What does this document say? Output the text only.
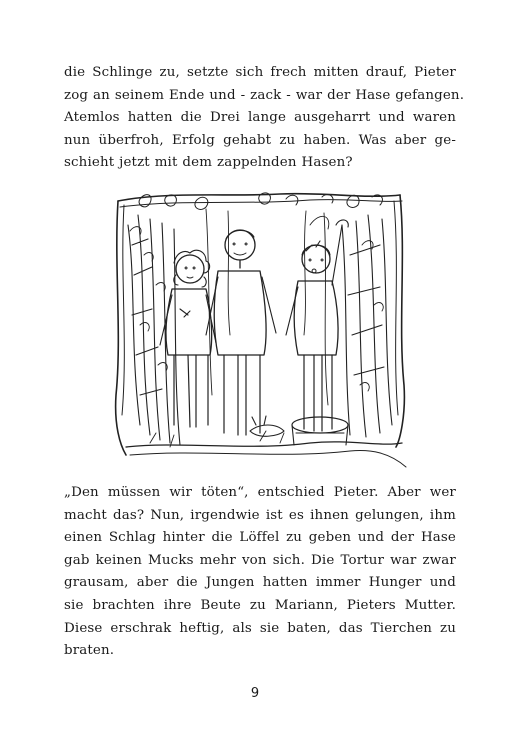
die Schlinge zu, setzte sich frech mitten drauf, Pieter
zog an seinem Ende und - zack - war der Hase gefangen.
Atemlos hatten die Drei lange ausgeharrt und waren
nun überfroh, Erfolg gehabt zu haben. Was aber ge-
schieht jetzt mit dem zappelnden Hasen?
„Den müssen wir töten“, entschied Pieter. Aber wer
macht das? Nun, irgendwie ist es ihnen gelungen, ihm
einen Schlag hinter die Löffel zu geben und der Hase
gab keinen Mucks mehr von sich. Die Tortur war zwar
grausam, aber die Jungen hatten immer Hunger und
sie brachten ihre Beute zu Mariann, Pieters Mutter.
Diese erschrak heftig, als sie baten, das Tierchen zu
braten.
9
